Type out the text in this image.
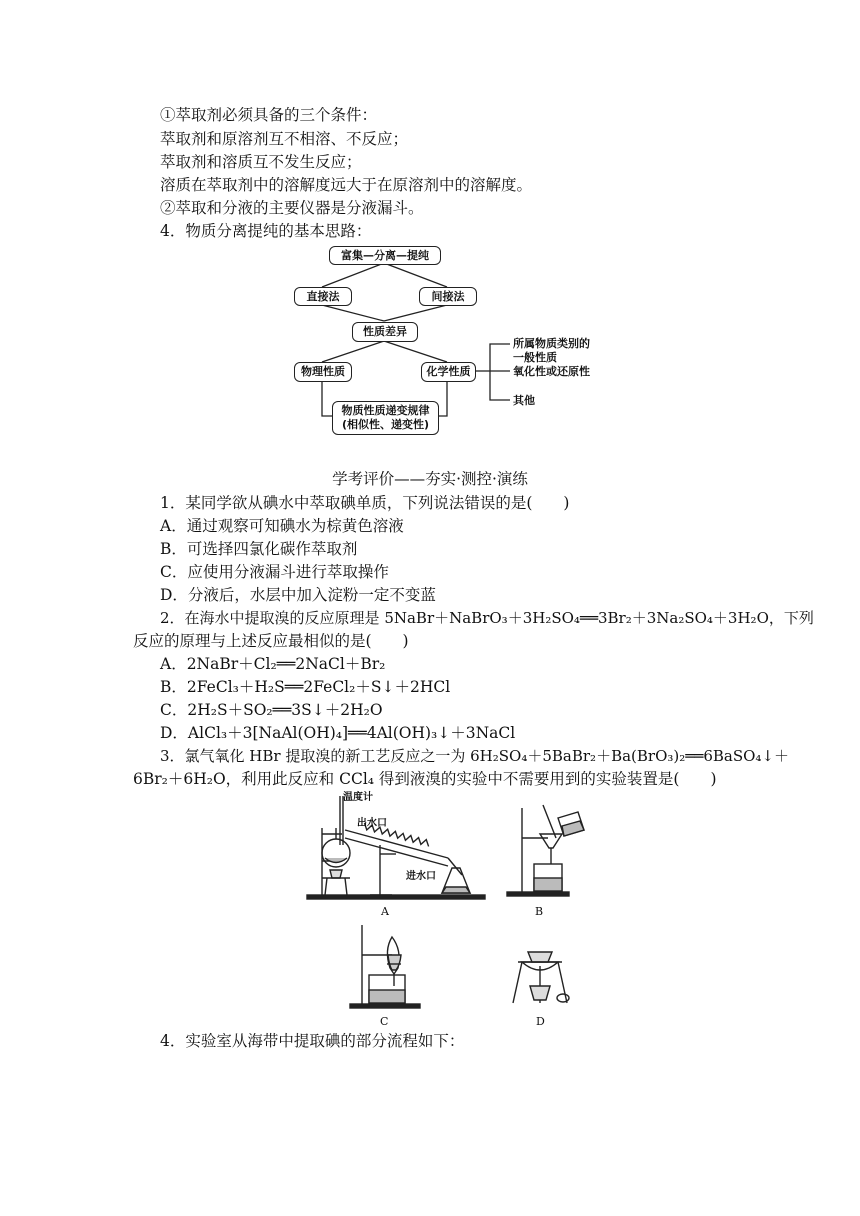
①萃取剂必须具备的三个条件：
萃取剂和原溶剂互不相溶、不反应；
萃取剂和溶质互不发生反应；
溶质在萃取剂中的溶解度远大于在原溶剂中的溶解度。
②萃取和分液的主要仪器是分液漏斗。
4．物质分离提纯的基本思路：
富集—分离—提纯
直接法	间接法
性质差异
物理性质	化学性质
物质性质递变规律
(相似性、递变性)
所属物质类别的
一般性质
氧化性或还原性
其他
学考评价——夯实·测控·演练
1．某同学欲从碘水中萃取碘单质，下列说法错误的是(　　)
A．通过观察可知碘水为棕黄色溶液
B．可选择四氯化碳作萃取剂
C．应使用分液漏斗进行萃取操作
D．分液后，水层中加入淀粉一定不变蓝
2．在海水中提取溴的反应原理是 5NaBr＋NaBrO₃＋3H₂SO₄══3Br₂＋3Na₂SO₄＋3H₂O，下列
反应的原理与上述反应最相似的是(　　)
A．2NaBr＋Cl₂══2NaCl＋Br₂
B．2FeCl₃＋H₂S══2FeCl₂＋S↓＋2HCl
C．2H₂S＋SO₂══3S↓＋2H₂O
D．AlCl₃＋3[NaAl(OH)₄]══4Al(OH)₃↓＋3NaCl
3．氯气氧化 HBr 提取溴的新工艺反应之一为 6H₂SO₄＋5BaBr₂＋Ba(BrO₃)₂══6BaSO₄↓＋
6Br₂＋6H₂O，利用此反应和 CCl₄ 得到液溴的实验中不需要用到的实验装置是(　　)
温度计
出水口
进水口
A	B
C	D
4．实验室从海带中提取碘的部分流程如下：
